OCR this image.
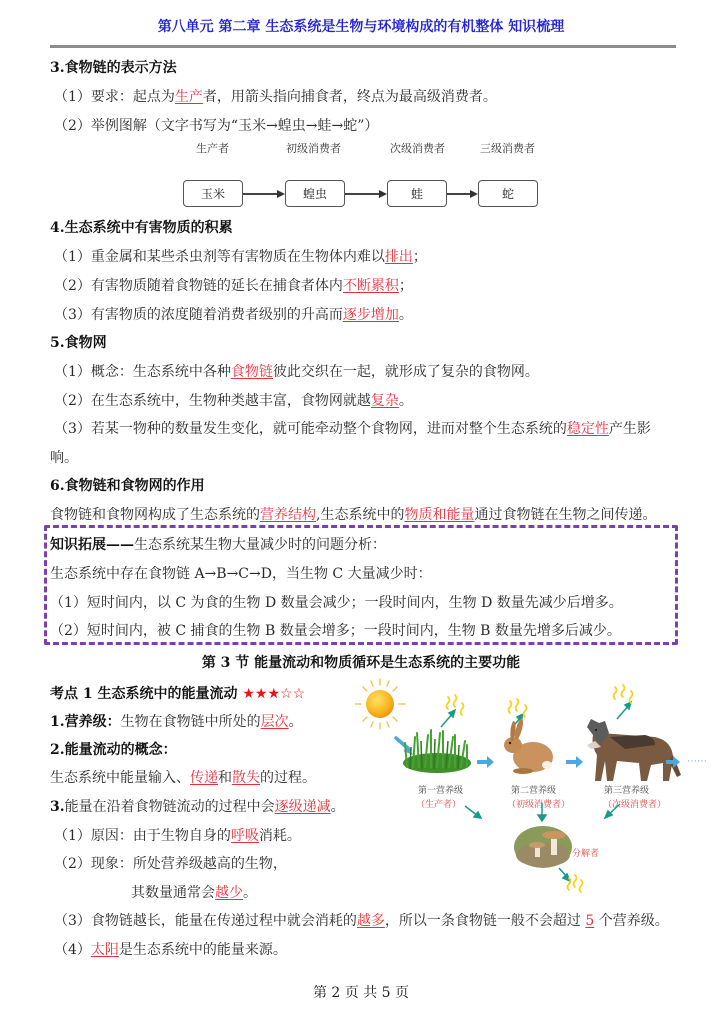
第八单元 第二章 生态系统是生物与环境构成的有机整体 知识梳理
3.食物链的表示方法
（1）要求：起点为生产者，用箭头指向捕食者，终点为最高级消费者。
（2）举例图解（文字书写为“玉米→蝗虫→蛙→蛇”）
生产者	初级消费者	次级消费者	三级消费者
玉米	蝗虫	蛙	蛇
4.生态系统中有害物质的积累
（1）重金属和某些杀虫剂等有害物质在生物体内难以排出；
（2）有害物质随着食物链的延长在捕食者体内不断累积；
（3）有害物质的浓度随着消费者级别的升高而逐步增加。
5.食物网
（1）概念：生态系统中各种食物链彼此交织在一起，就形成了复杂的食物网。
（2）在生态系统中，生物种类越丰富，食物网就越复杂。
（3）若某一物种的数量发生变化，就可能牵动整个食物网，进而对整个生态系统的稳定性产生影
响。
6.食物链和食物网的作用
食物链和食物网构成了生态系统的营养结构,生态系统中的物质和能量通过食物链在生物之间传递。
知识拓展——生态系统某生物大量减少时的问题分析：
生态系统中存在食物链 A→B→C→D，当生物 C 大量减少时：
（1）短时间内，以 C 为食的生物 D 数量会减少；一段时间内，生物 D 数量先减少后增多。
（2）短时间内，被 C 捕食的生物 B 数量会增多；一段时间内，生物 B 数量先增多后减少。
第 3 节 能量流动和物质循环是生态系统的主要功能
考点 1 生态系统中的能量流动 ★★★☆☆
1.营养级：生物在食物链中所处的层次。
2.能量流动的概念：
生态系统中能量输入、传递和散失的过程。
3.能量在沿着食物链流动的过程中会逐级递减。
（1）原因：由于生物自身的呼吸消耗。
（2）现象：所处营养级越高的生物，
其数量通常会越少。
（3）食物链越长，能量在传递过程中就会消耗的越多，所以一条食物链一般不会超过 5 个营养级。
（4）太阳是生态系统中的能量来源。
⋯⋯
第一营养级
（生产者）
第二营养级
（初级消费者）
第三营养级
（次级消费者）
分解者
第 2 页 共 5 页
